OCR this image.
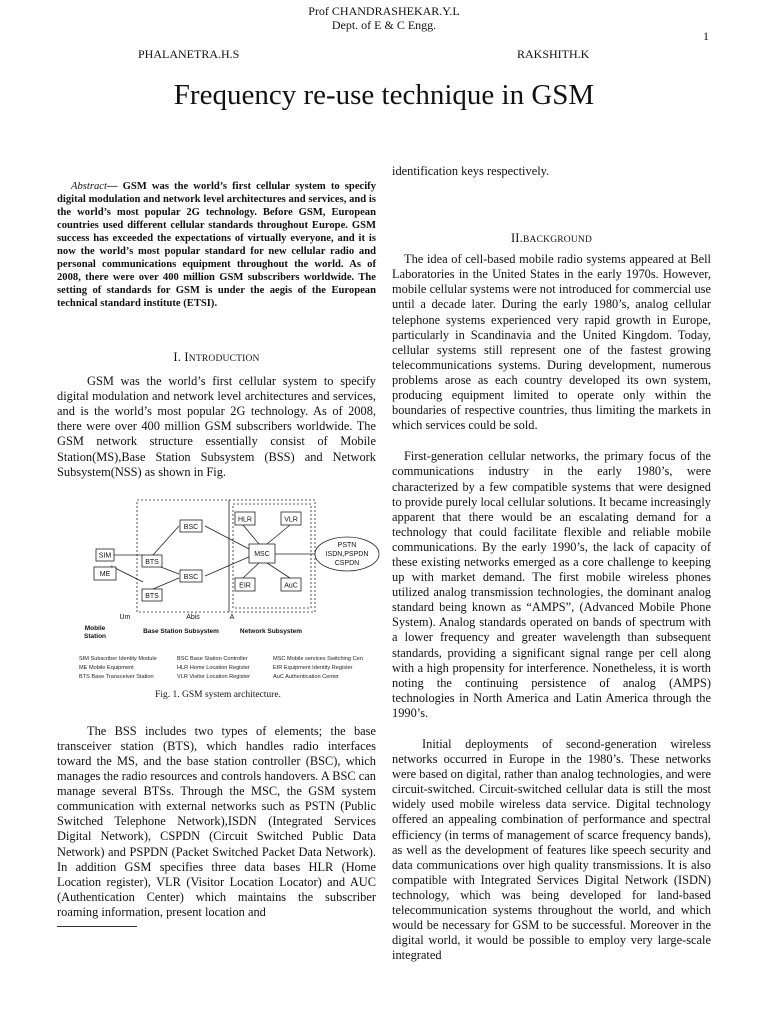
Prof CHANDRASHEKAR.Y.L
Dept. of E & C Engg.
1
PHALANETRA.H.S	RAKSHITH.K
Frequency re-use technique in GSM

Abstract— GSM was the world’s first cellular system to specify digital modulation and network level architectures and services, and is the world’s most popular 2G technology. Before GSM, European countries used different cellular standards throughout Europe. GSM success has exceeded the expectations of virtually everyone, and it is now the world’s most popular standard for new cellular radio and personal communications equipment throughout the world. As of 2008, there were over 400 million GSM subscribers worldwide. The setting of standards for GSM is under the aegis of the European technical standard institute (ETSI).

I. INTRODUCTION

GSM was the world’s first cellular system to specify digital modulation and network level architectures and services, and is the world’s most popular 2G technology. As of 2008, there were over 400 million GSM subscribers worldwide. The GSM network structure essentially consist of Mobile Station(MS),Base Station Subsystem (BSS) and Network Subsystem(NSS) as shown in Fig.

SIM
ME
BTS
BTS
BSC
BSC
MSC
HLR	VLR
EIR	AuC
PSTN
ISDN,PSPDN
CSPDN
Um	Abis	A
Mobile
Station
Base Station Subsystem	Network Subsystem
SIM Subscriber Identity Module	BSC Base Station Controller	MSC Mobile services Switching Cen
ME Mobile Equipment	HLR Home Location Register	EIR Equipment Identity Register
BTS Base Transceiver Station	VLR Visitor Location Register	AuC Authentication Center
Fig. 1. GSM system architecture.

The BSS includes two types of elements; the base transceiver station (BTS), which handles radio interfaces toward the MS, and the base station controller (BSC), which manages the radio resources and controls handovers. A BSC can manage several BTSs. Through the MSC, the GSM system communication with external networks such as PSTN (Public Switched Telephone Network),ISDN (Integrated Services Digital Network), CSPDN (Circuit Switched Public Data Network) and PSPDN (Packet Switched Packet Data Network). In addition GSM specifies three data bases HLR (Home Location register), VLR (Visitor Location Locator) and AUC (Authentication Center) which maintains the subscriber roaming information, present location and

identification keys respectively.

II.BACKGROUND

The idea of cell-based mobile radio systems appeared at Bell Laboratories in the United States in the early 1970s. However, mobile cellular systems were not introduced for commercial use until a decade later. During the early 1980’s, analog cellular telephone systems experienced very rapid growth in Europe, particularly in Scandinavia and the United Kingdom. Today, cellular systems still represent one of the fastest growing telecommunications systems. During development, numerous problems arose as each country developed its own system, producing equipment limited to operate only within the boundaries of respective countries, thus limiting the markets in which services could be sold.

First-generation cellular networks, the primary focus of the communications industry in the early 1980’s, were characterized by a few compatible systems that were designed to provide purely local cellular solutions. It became increasingly apparent that there would be an escalating demand for a technology that could facilitate flexible and reliable mobile communications. By the early 1990’s, the lack of capacity of these existing networks emerged as a core challenge to keeping up with market demand. The first mobile wireless phones utilized analog transmission technologies, the dominant analog standard being known as “AMPS”, (Advanced Mobile Phone System). Analog standards operated on bands of spectrum with a lower frequency and greater wavelength than subsequent standards, providing a significant signal range per cell along with a high propensity for interference. Nonetheless, it is worth noting the continuing persistence of analog (AMPS) technologies in North America and Latin America through the 1990’s.

Initial deployments of second-generation wireless networks occurred in Europe in the 1980’s. These networks were based on digital, rather than analog technologies, and were circuit-switched. Circuit-switched cellular data is still the most widely used mobile wireless data service. Digital technology offered an appealing combination of performance and spectral efficiency (in terms of management of scarce frequency bands), as well as the development of features like speech security and data communications over high quality transmissions. It is also compatible with Integrated Services Digital Network (ISDN) technology, which was being developed for land-based telecommunication systems throughout the world, and which would be necessary for GSM to be successful. Moreover in the digital world, it would be possible to employ very large-scale integrated
